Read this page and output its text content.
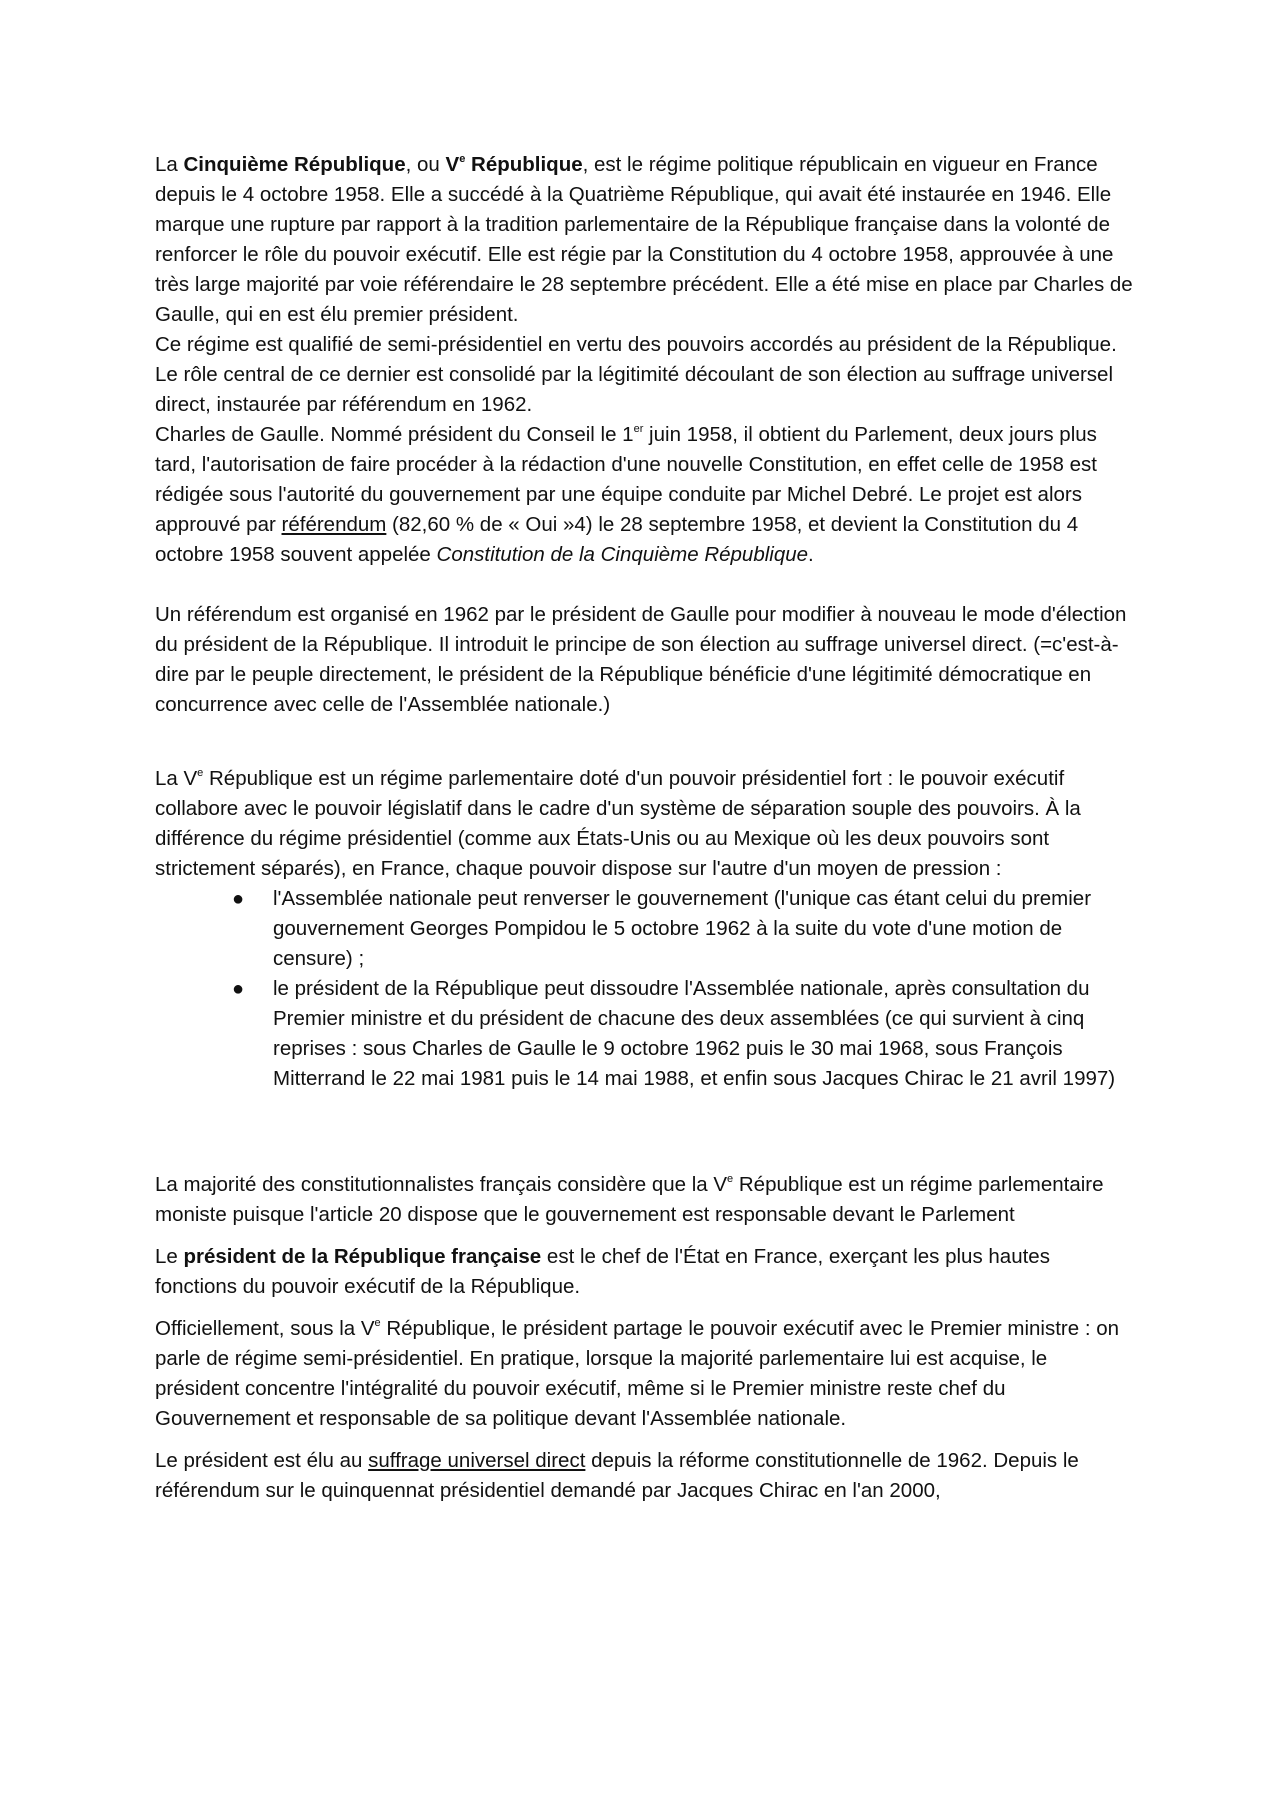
La Cinquième République, ou Ve République, est le régime politique républicain en vigueur en France depuis le 4 octobre 1958. Elle a succédé à la Quatrième République, qui avait été instaurée en 1946. Elle marque une rupture par rapport à la tradition parlementaire de la République française dans la volonté de renforcer le rôle du pouvoir exécutif. Elle est régie par la Constitution du 4 octobre 1958, approuvée à une très large majorité par voie référendaire le 28 septembre précédent. Elle a été mise en place par Charles de Gaulle, qui en est élu premier président.

Ce régime est qualifié de semi-présidentiel en vertu des pouvoirs accordés au président de la République. Le rôle central de ce dernier est consolidé par la légitimité découlant de son élection au suffrage universel direct, instaurée par référendum en 1962.

Charles de Gaulle. Nommé président du Conseil le 1er juin 1958, il obtient du Parlement, deux jours plus tard, l'autorisation de faire procéder à la rédaction d'une nouvelle Constitution, en effet celle de 1958 est rédigée sous l'autorité du gouvernement par une équipe conduite par Michel Debré. Le projet est alors approuvé par référendum (82,60 % de « Oui »4) le 28 septembre 1958, et devient la Constitution du 4 octobre 1958 souvent appelée Constitution de la Cinquième République.

Un référendum est organisé en 1962 par le président de Gaulle pour modifier à nouveau le mode d'élection du président de la République. Il introduit le principe de son élection au suffrage universel direct. (=c'est-à-dire par le peuple directement, le président de la République bénéficie d'une légitimité démocratique en concurrence avec celle de l'Assemblée nationale.)

La Ve République est un régime parlementaire doté d'un pouvoir présidentiel fort : le pouvoir exécutif collabore avec le pouvoir législatif dans le cadre d'un système de séparation souple des pouvoirs. À la différence du régime présidentiel (comme aux États-Unis ou au Mexique où les deux pouvoirs sont strictement séparés), en France, chaque pouvoir dispose sur l'autre d'un moyen de pression :

● l'Assemblée nationale peut renverser le gouvernement (l'unique cas étant celui du premier gouvernement Georges Pompidou le 5 octobre 1962 à la suite du vote d'une motion de censure) ;
● le président de la République peut dissoudre l'Assemblée nationale, après consultation du Premier ministre et du président de chacune des deux assemblées (ce qui survient à cinq reprises : sous Charles de Gaulle le 9 octobre 1962 puis le 30 mai 1968, sous François Mitterrand le 22 mai 1981 puis le 14 mai 1988, et enfin sous Jacques Chirac le 21 avril 1997)

La majorité des constitutionnalistes français considère que la Ve République est un régime parlementaire moniste puisque l'article 20 dispose que le gouvernement est responsable devant le Parlement

Le président de la République française est le chef de l'État en France, exerçant les plus hautes fonctions du pouvoir exécutif de la République.

Officiellement, sous la Ve République, le président partage le pouvoir exécutif avec le Premier ministre : on parle de régime semi-présidentiel. En pratique, lorsque la majorité parlementaire lui est acquise, le président concentre l'intégralité du pouvoir exécutif, même si le Premier ministre reste chef du Gouvernement et responsable de sa politique devant l'Assemblée nationale.

Le président est élu au suffrage universel direct depuis la réforme constitutionnelle de 1962. Depuis le référendum sur le quinquennat présidentiel demandé par Jacques Chirac en l'an 2000,
